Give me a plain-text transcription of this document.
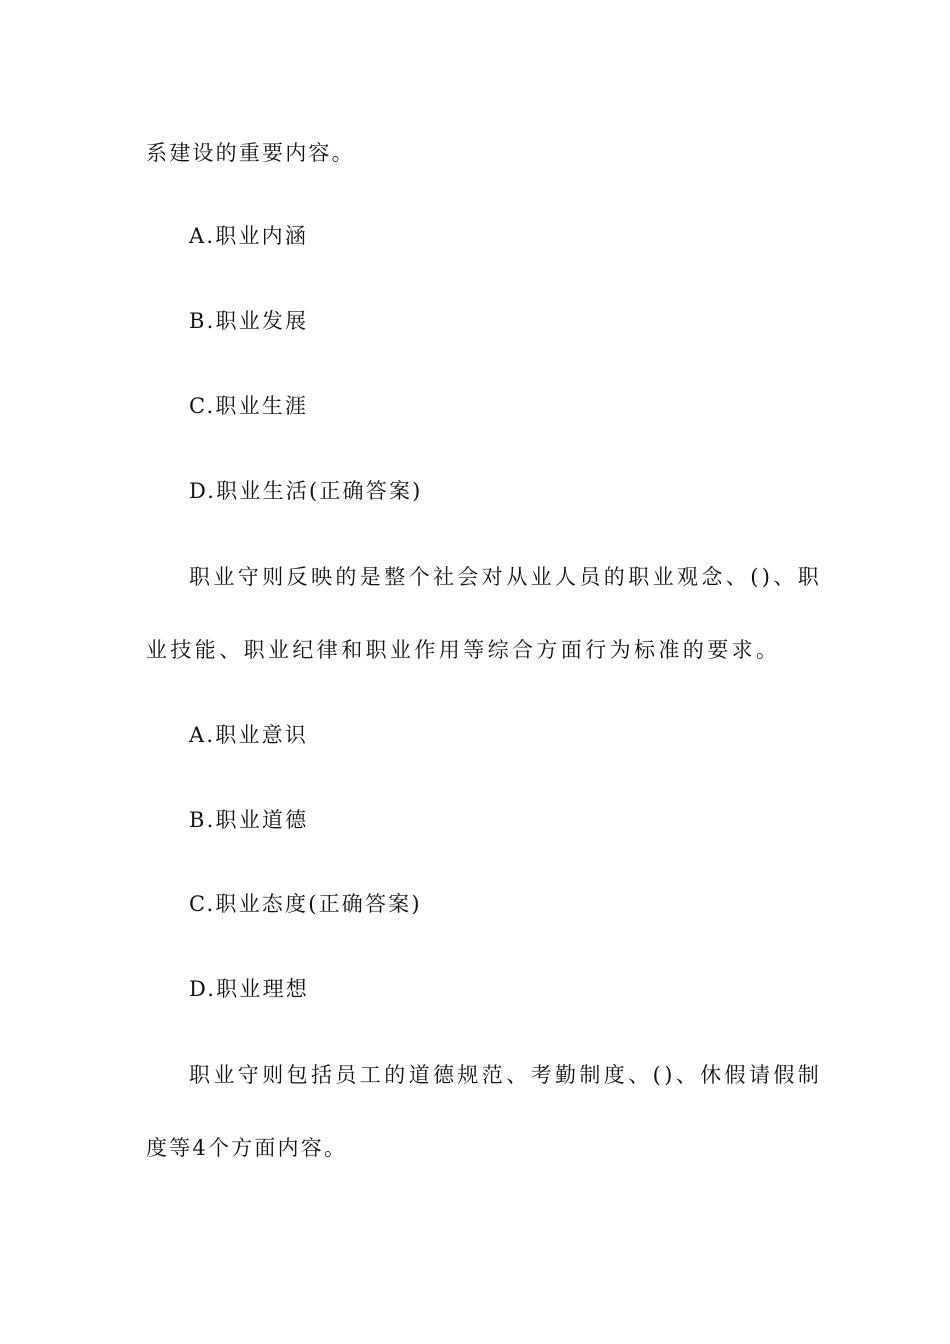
系建设的重要内容。
A.职业内涵
B.职业发展
C.职业生涯
D.职业生活(正确答案)
职业守则反映的是整个社会对从业人员的职业观念、()、职
业技能、职业纪律和职业作用等综合方面行为标准的要求。
A.职业意识
B.职业道德
C.职业态度(正确答案)
D.职业理想
职业守则包括员工的道德规范、考勤制度、()、休假请假制
度等4个方面内容。
